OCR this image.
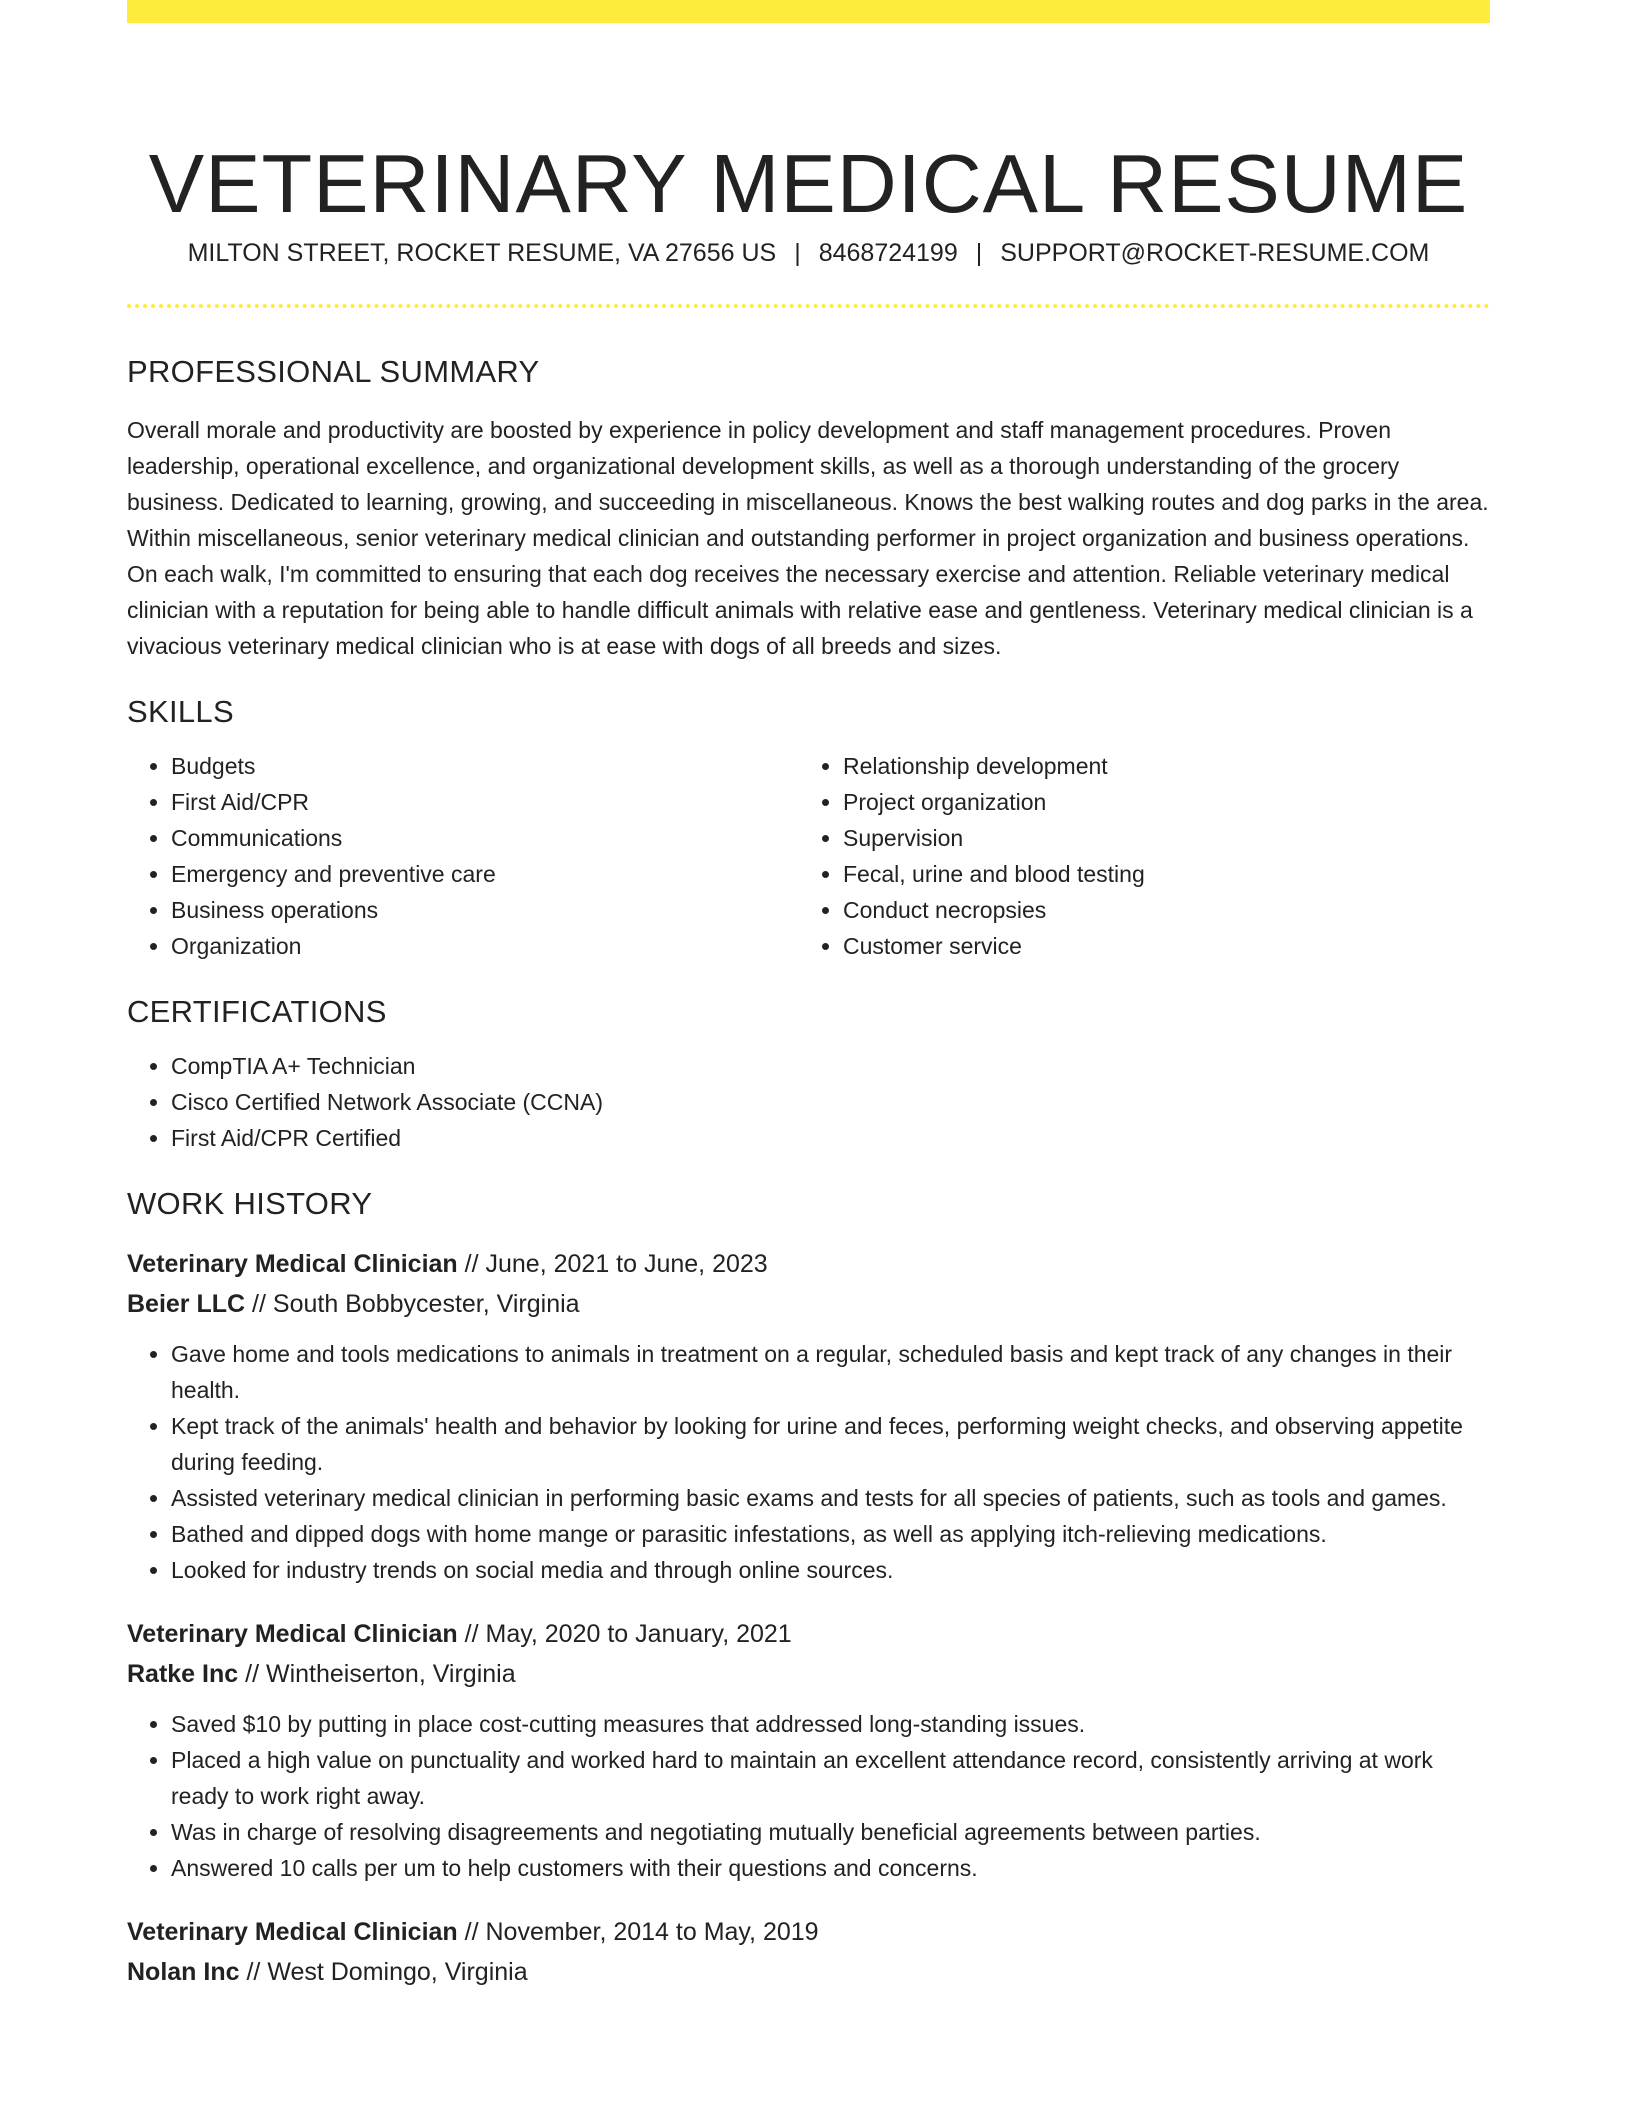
VETERINARY MEDICAL RESUME
MILTON STREET, ROCKET RESUME, VA 27656 US | 8468724199 | SUPPORT@ROCKET-RESUME.COM
PROFESSIONAL SUMMARY

Overall morale and productivity are boosted by experience in policy development and staff management procedures. Proven leadership, operational excellence, and organizational development skills, as well as a thorough understanding of the grocery business. Dedicated to learning, growing, and succeeding in miscellaneous. Knows the best walking routes and dog parks in the area. Within miscellaneous, senior veterinary medical clinician and outstanding performer in project organization and business operations. On each walk, I'm committed to ensuring that each dog receives the necessary exercise and attention. Reliable veterinary medical clinician with a reputation for being able to handle difficult animals with relative ease and gentleness. Veterinary medical clinician is a vivacious veterinary medical clinician who is at ease with dogs of all breeds and sizes.

SKILLS
• Budgets
• First Aid/CPR
• Communications
• Emergency and preventive care
• Business operations
• Organization
• Relationship development
• Project organization
• Supervision
• Fecal, urine and blood testing
• Conduct necropsies
• Customer service
CERTIFICATIONS
• CompTIA A+ Technician
• Cisco Certified Network Associate (CCNA)
• First Aid/CPR Certified
WORK HISTORY
Veterinary Medical Clinician // June, 2021 to June, 2023
Beier LLC // South Bobbycester, Virginia
• Gave home and tools medications to animals in treatment on a regular, scheduled basis and kept track of any changes in their health.
• Kept track of the animals' health and behavior by looking for urine and feces, performing weight checks, and observing appetite during feeding.
• Assisted veterinary medical clinician in performing basic exams and tests for all species of patients, such as tools and games.
• Bathed and dipped dogs with home mange or parasitic infestations, as well as applying itch-relieving medications.
• Looked for industry trends on social media and through online sources.
Veterinary Medical Clinician // May, 2020 to January, 2021
Ratke Inc // Wintheiserton, Virginia
• Saved $10 by putting in place cost-cutting measures that addressed long-standing issues.
• Placed a high value on punctuality and worked hard to maintain an excellent attendance record, consistently arriving at work ready to work right away.
• Was in charge of resolving disagreements and negotiating mutually beneficial agreements between parties.
• Answered 10 calls per um to help customers with their questions and concerns.
Veterinary Medical Clinician // November, 2014 to May, 2019
Nolan Inc // West Domingo, Virginia
